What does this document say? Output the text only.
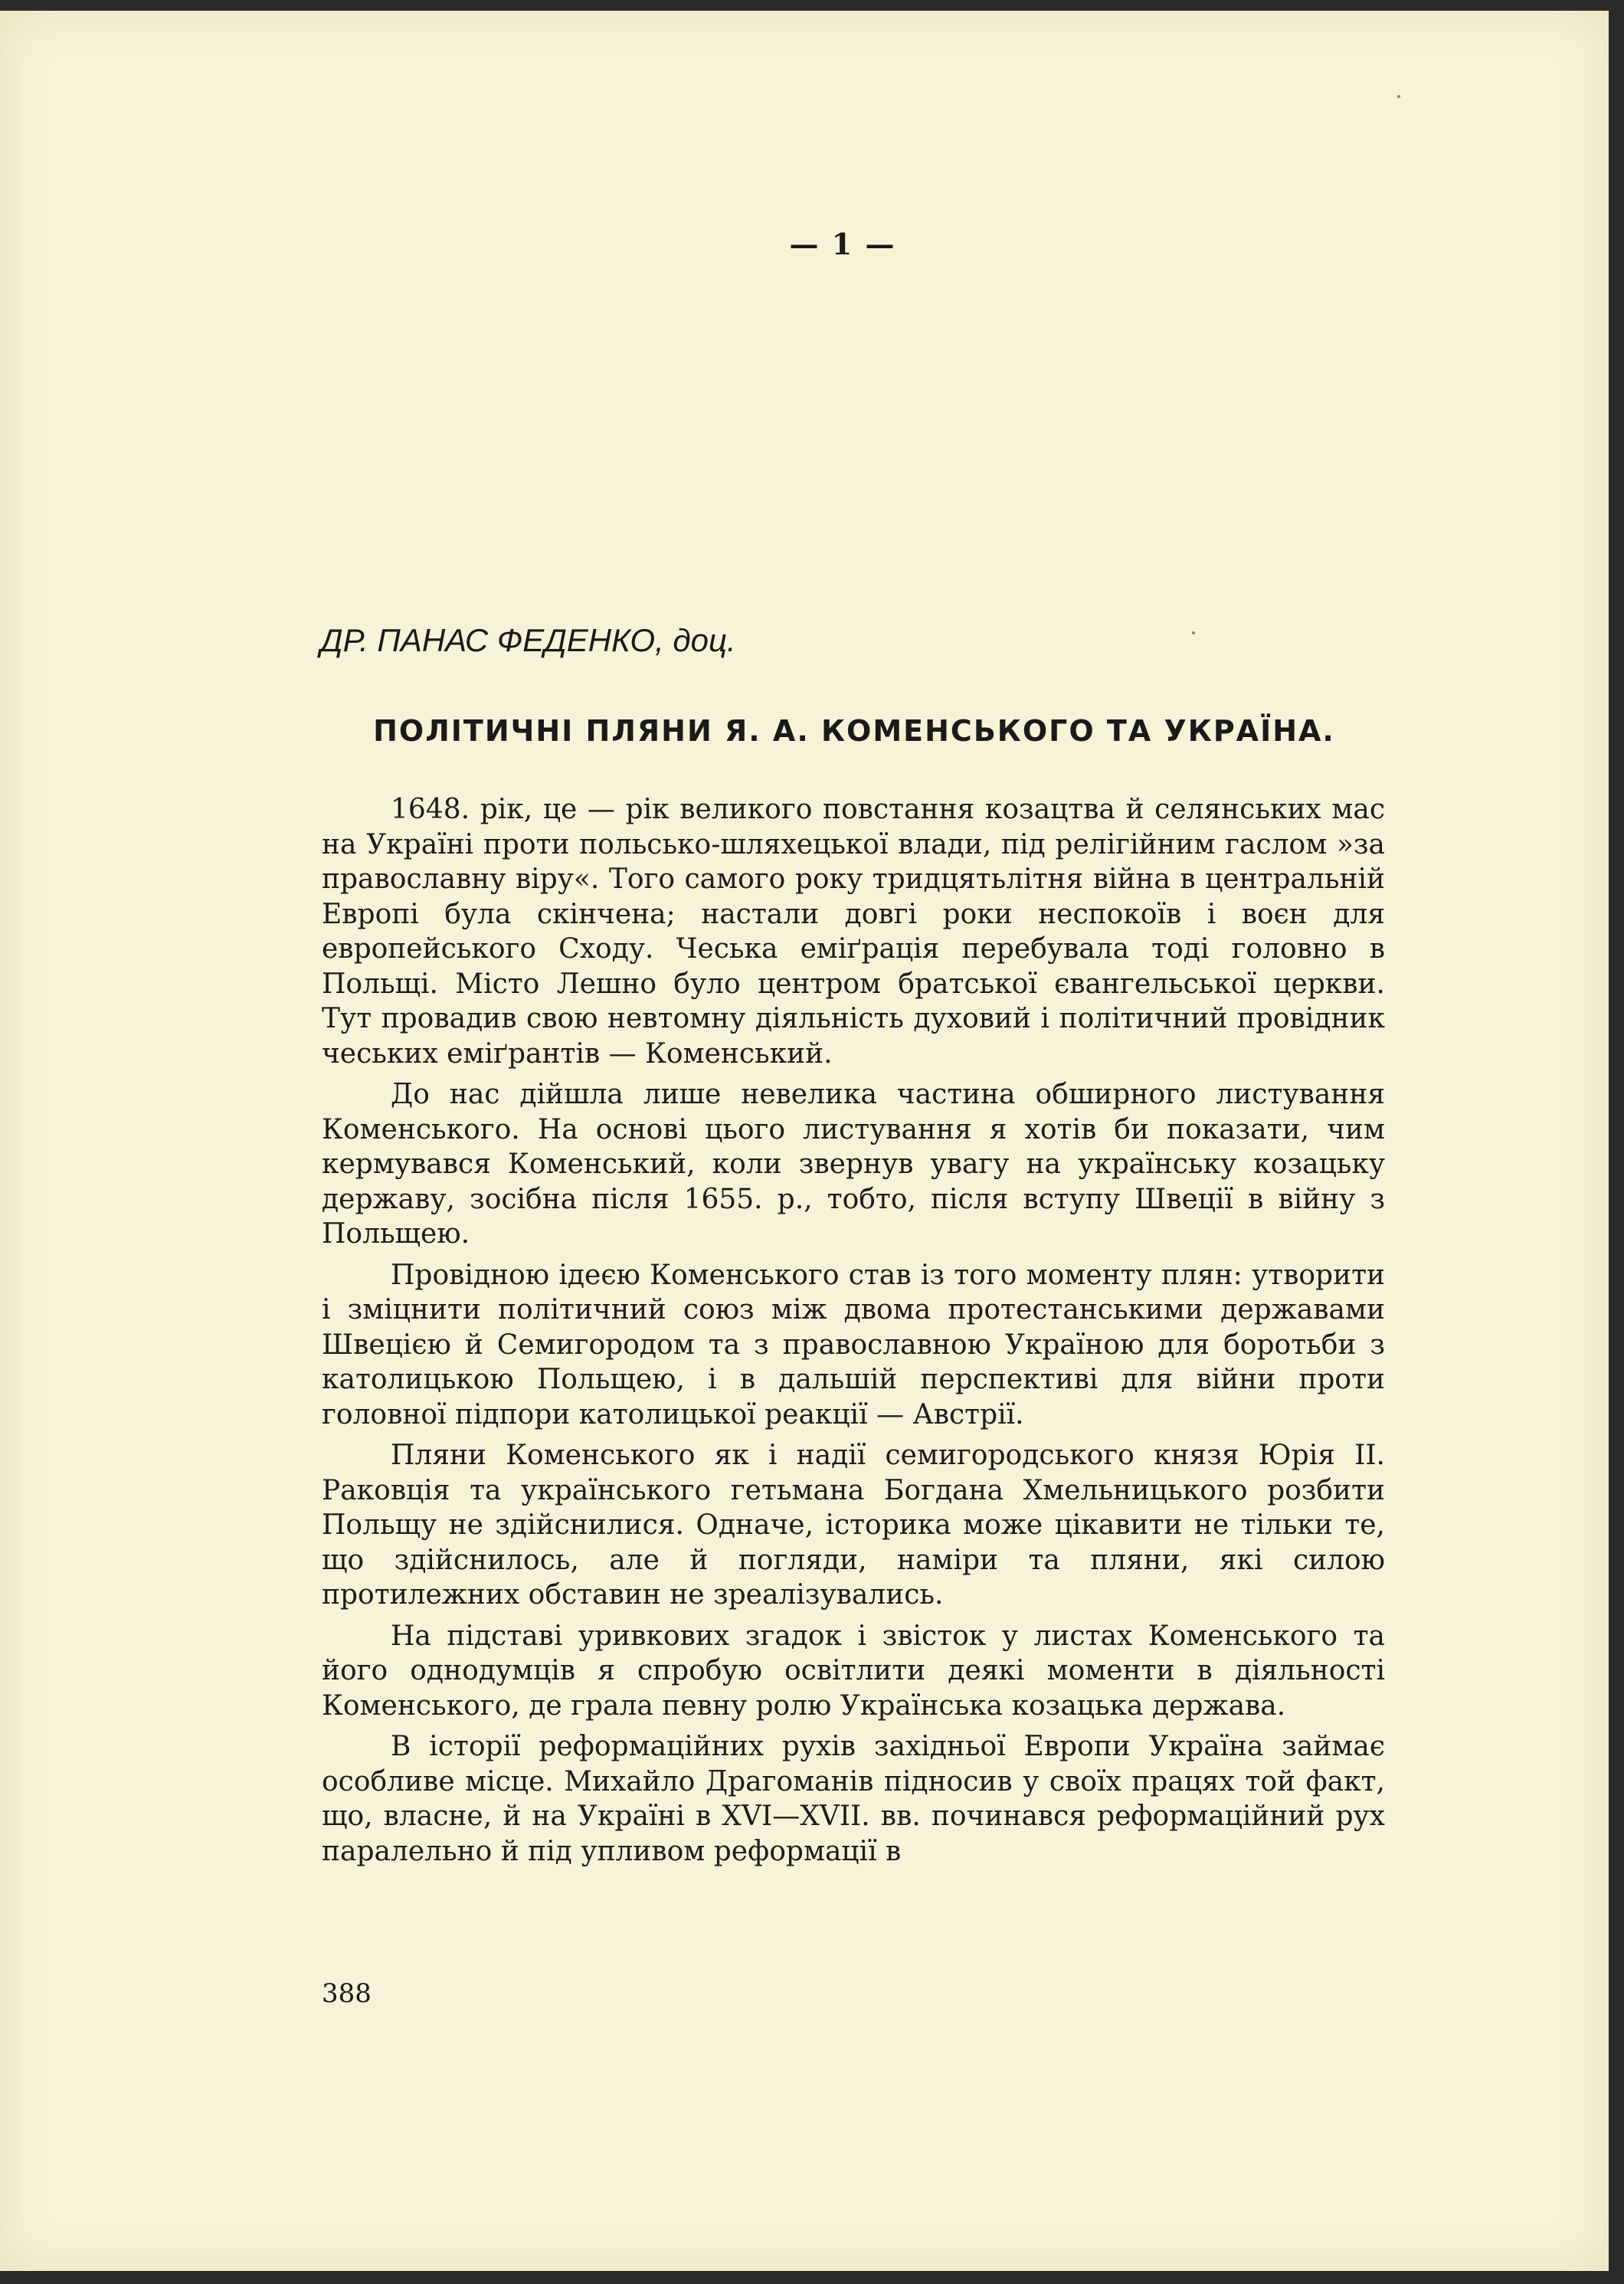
— 1 —
ДР. ПАНАС ФЕДЕНКО, доц.
ПОЛІТИЧНІ ПЛЯНИ Я. А. КОМЕНСЬКОГО ТА УКРАЇНА.

1648. рік, це — рік великого повстання козацтва й селянських мас на Україні проти польсько-шляхецької влади, під релігійним гаслом »за православну віру«. Того самого року тридцятьлітня війна в центральній Европі була скінчена; настали довгі роки неспокоїв і воєн для европейського Сходу. Чеська еміґрація перебувала тоді головно в Польщі. Місто Лешно було центром братської євангельської церкви. Тут провадив свою невтомну діяльність духовий і політичний провідник чеських еміґрантів — Коменський.

До нас дійшла лише невелика частина обширного листування Коменського. На основі цього листування я хотів би показати, чим кермувався Коменський, коли звернув увагу на українську козацьку державу, зосібна після 1655. р., тобто, після вступу Швеції в війну з Польщею.

Провідною ідеєю Коменського став із того моменту плян: утворити і зміцнити політичний союз між двома протестанськими державами Швецією й Семигородом та з православною Україною для боротьби з католицькою Польщею, і в дальшій перспективі для війни проти головної підпори католицької реакції — Австрії.

Пляни Коменського як і надії семигородського князя Юрія II. Раковція та українського гетьмана Богдана Хмельницького розбити Польщу не здійснилися. Одначе, історика може цікавити не тільки те, що здійснилось, але й погляди, наміри та пляни, які силою протилежних обставин не зреалізувались.

На підставі уривкових згадок і звісток у листах Коменського та його однодумців я спробую освітлити деякі моменти в діяльності Коменського, де грала певну ролю Українська козацька держава.

В історії реформаційних рухів західньої Европи Україна займає особливе місце. Михайло Драгоманів підносив у своїх працях той факт, що, власне, й на Україні в XVI—XVII. вв. починався реформаційний рух паралельно й під упливом реформації в

388
